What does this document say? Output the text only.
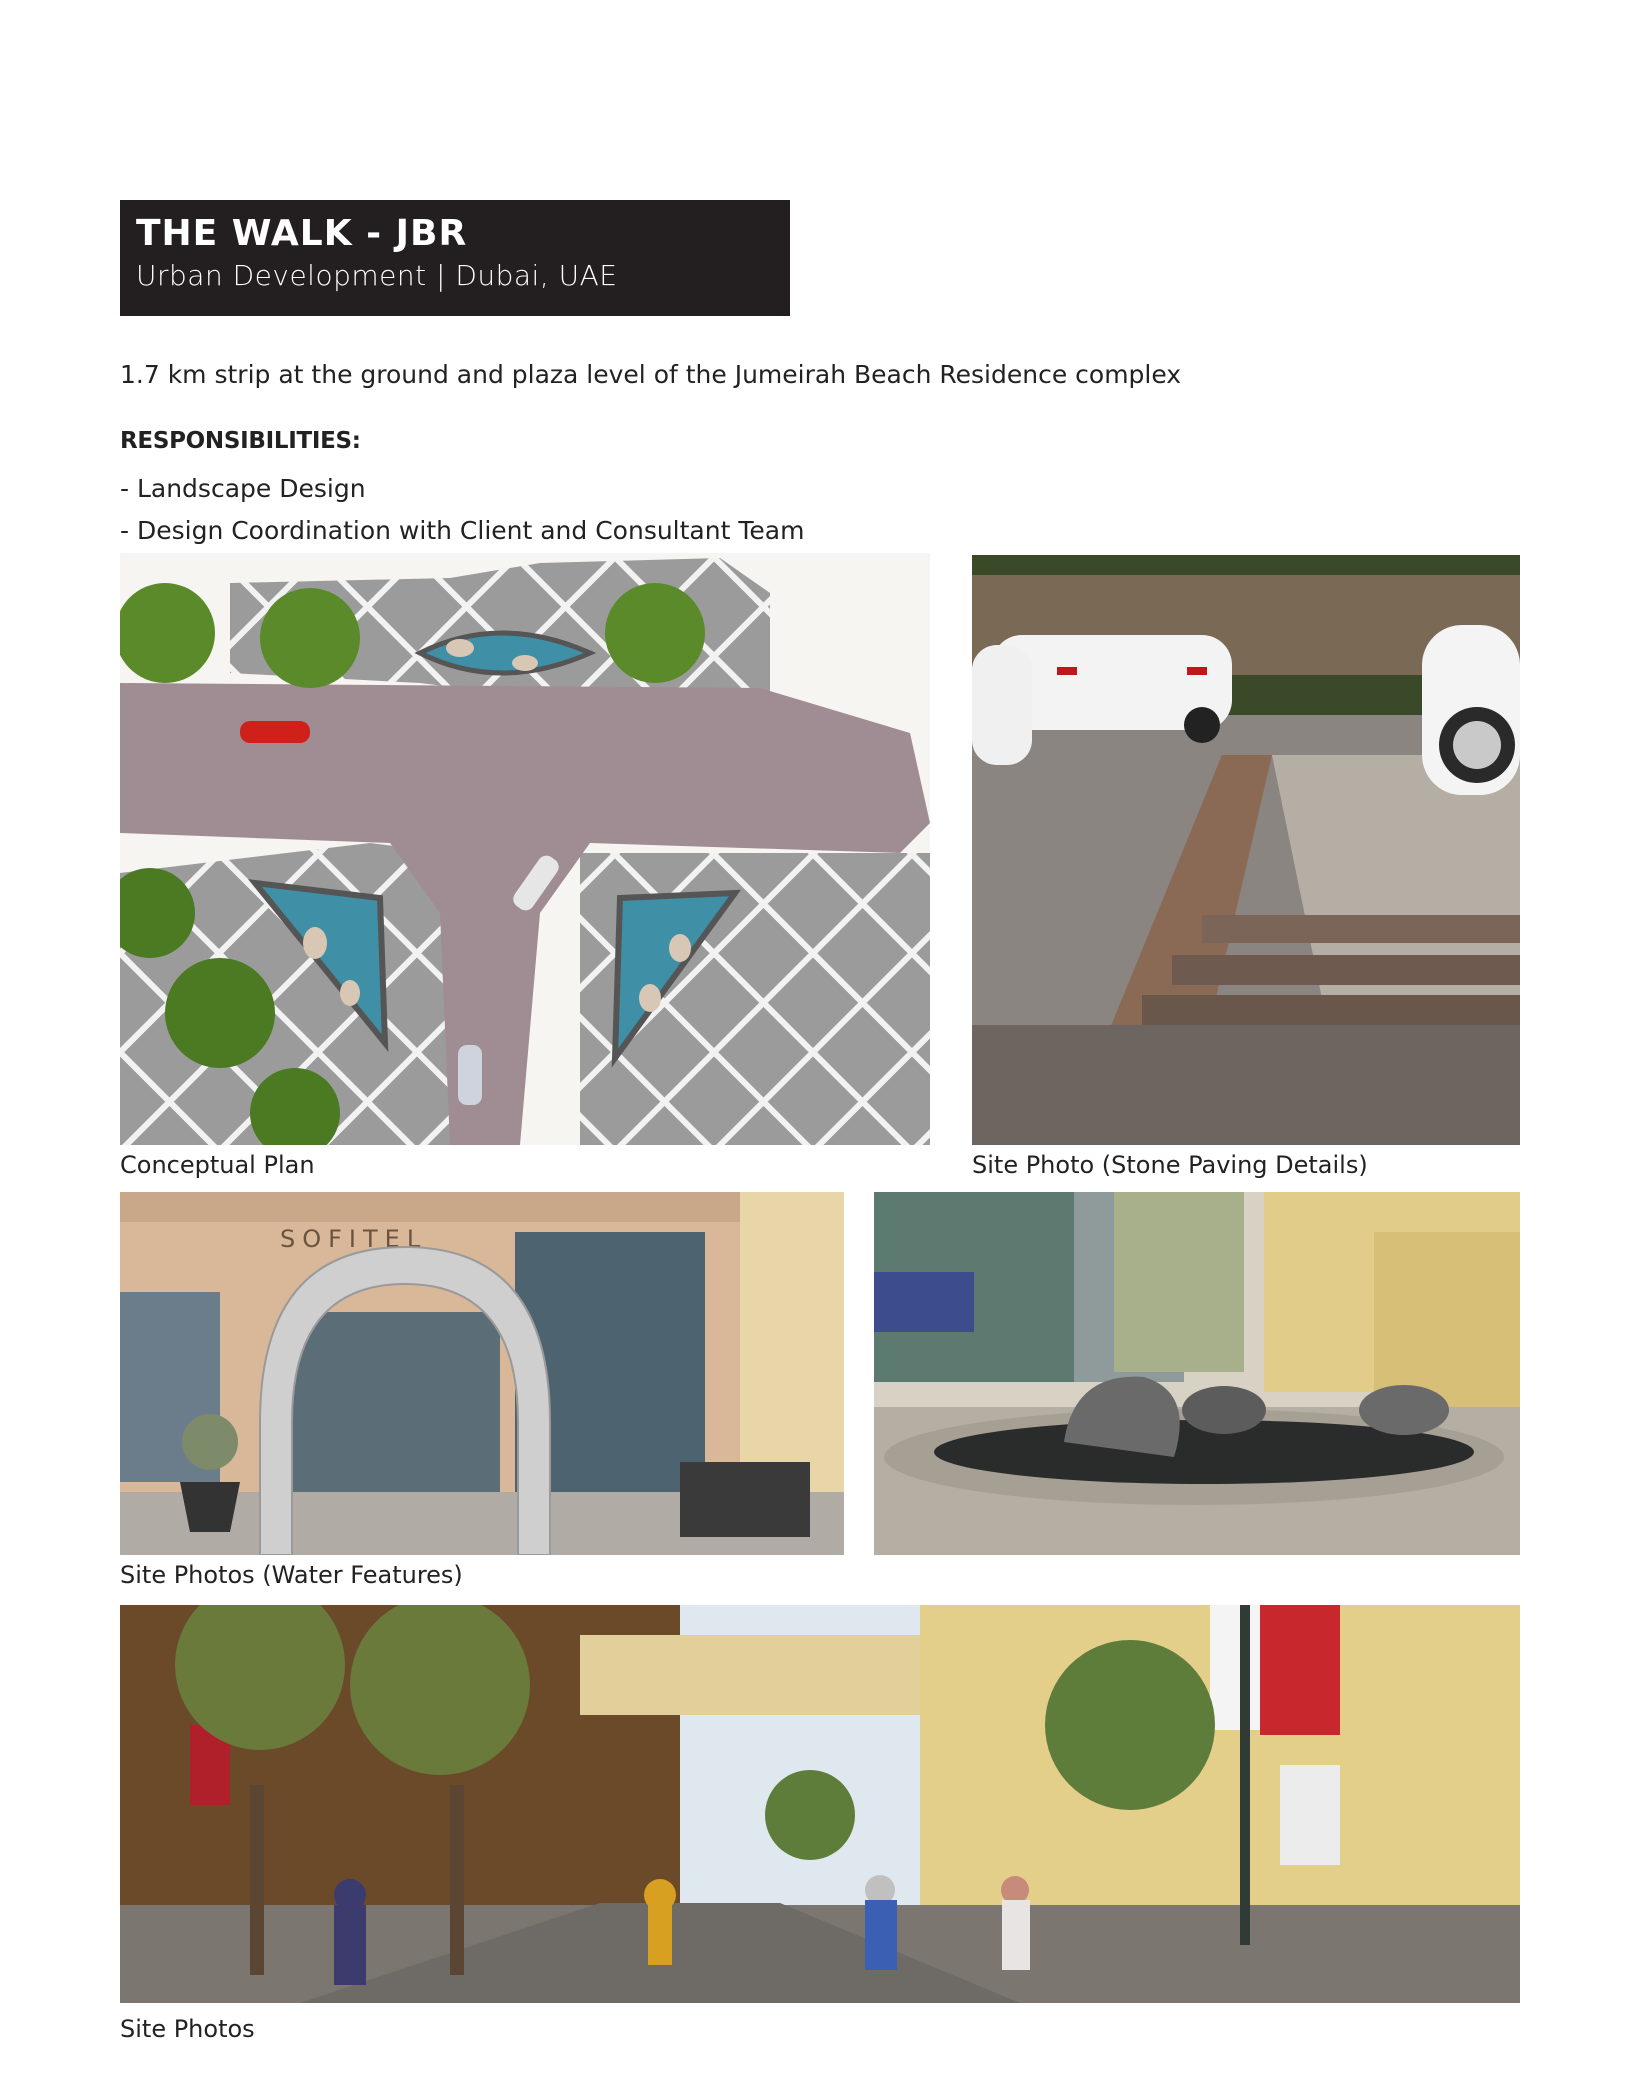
THE WALK - JBR
Urban Development | Dubai, UAE
1.7 km strip at the ground and plaza level of the Jumeirah Beach Residence complex
RESPONSIBILITIES:
- Landscape Design
- Design Coordination with Client and Consultant Team
Conceptual Plan	Site Photo (Stone Paving Details)
SOFITEL
Site Photos (Water Features)
Site Photos
